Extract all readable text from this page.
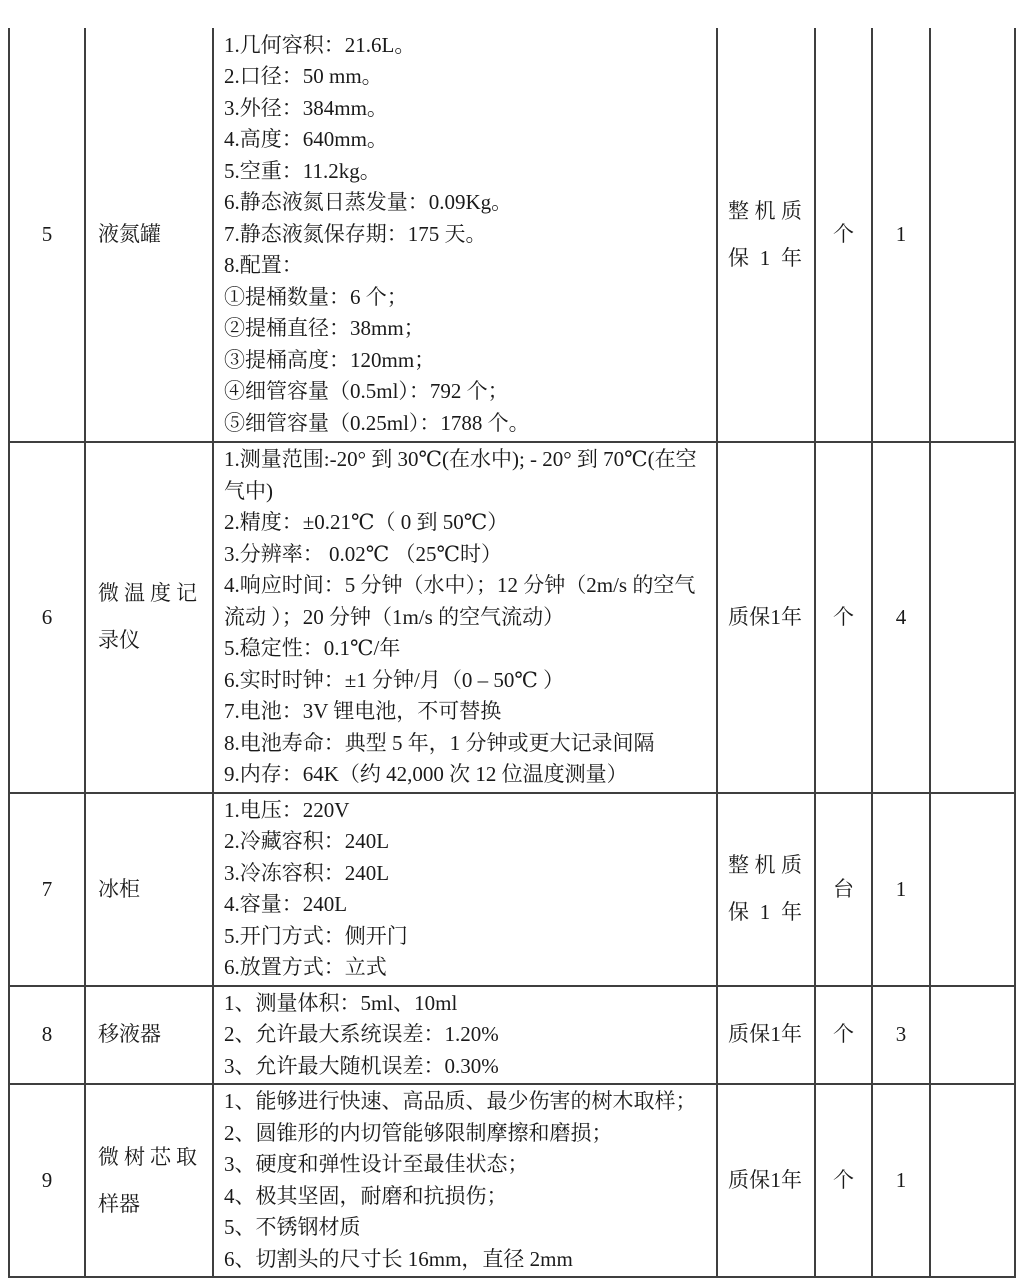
5	液氮罐	
1.几何容积：21.6L。
2.口径：50 mm。
3.外径：384mm。
4.高度：640mm。
5.空重：11.2kg。
6.静态液氮日蒸发量：0.09Kg。
7.静态液氮保存期：175 天。
8.配置：
①提桶数量：6 个；
②提桶直径：38mm；
③提桶高度：120mm；
④细管容量（0.5ml）：792 个；
⑤细管容量（0.25ml）：1788 个。
	整机质保1年	个	1	
6	微温度记录仪	
1.测量范围:-20° 到 30℃(在水中); - 20° 到 70℃(在空气中)
2.精度：±0.21℃（ 0 到 50℃）
3.分辨率： 0.02℃ （25℃时）
4.响应时间：5 分钟（水中）；12 分钟（2m/s 的空气流动 ）；20 分钟（1m/s 的空气流动）
5.稳定性：0.1℃/年
6.实时时钟：±1 分钟/月（0 – 50℃ ）
7.电池：3V 锂电池，不可替换
8.电池寿命：典型 5 年，1 分钟或更大记录间隔
9.内存：64K（约 42,000 次 12 位温度测量）
	质保1年	个	4	
7	冰柜	
1.电压：220V
2.冷藏容积：240L
3.冷冻容积：240L
4.容量：240L
5.开门方式：侧开门
6.放置方式：立式
	整机质保1年	台	1	
8	移液器	1、测量体积：5ml、10ml
2、允许最大系统误差：1.20%
3、允许最大随机误差：0.30%	质保1年	个	3	
9	微树芯取样器	
1、能够进行快速、高品质、最少伤害的树木取样；
2、圆锥形的内切管能够限制摩擦和磨损；
3、硬度和弹性设计至最佳状态；
4、极其坚固，耐磨和抗损伤；
5、不锈钢材质
6、切割头的尺寸长 16mm，直径 2mm
	质保1年	个	1	
